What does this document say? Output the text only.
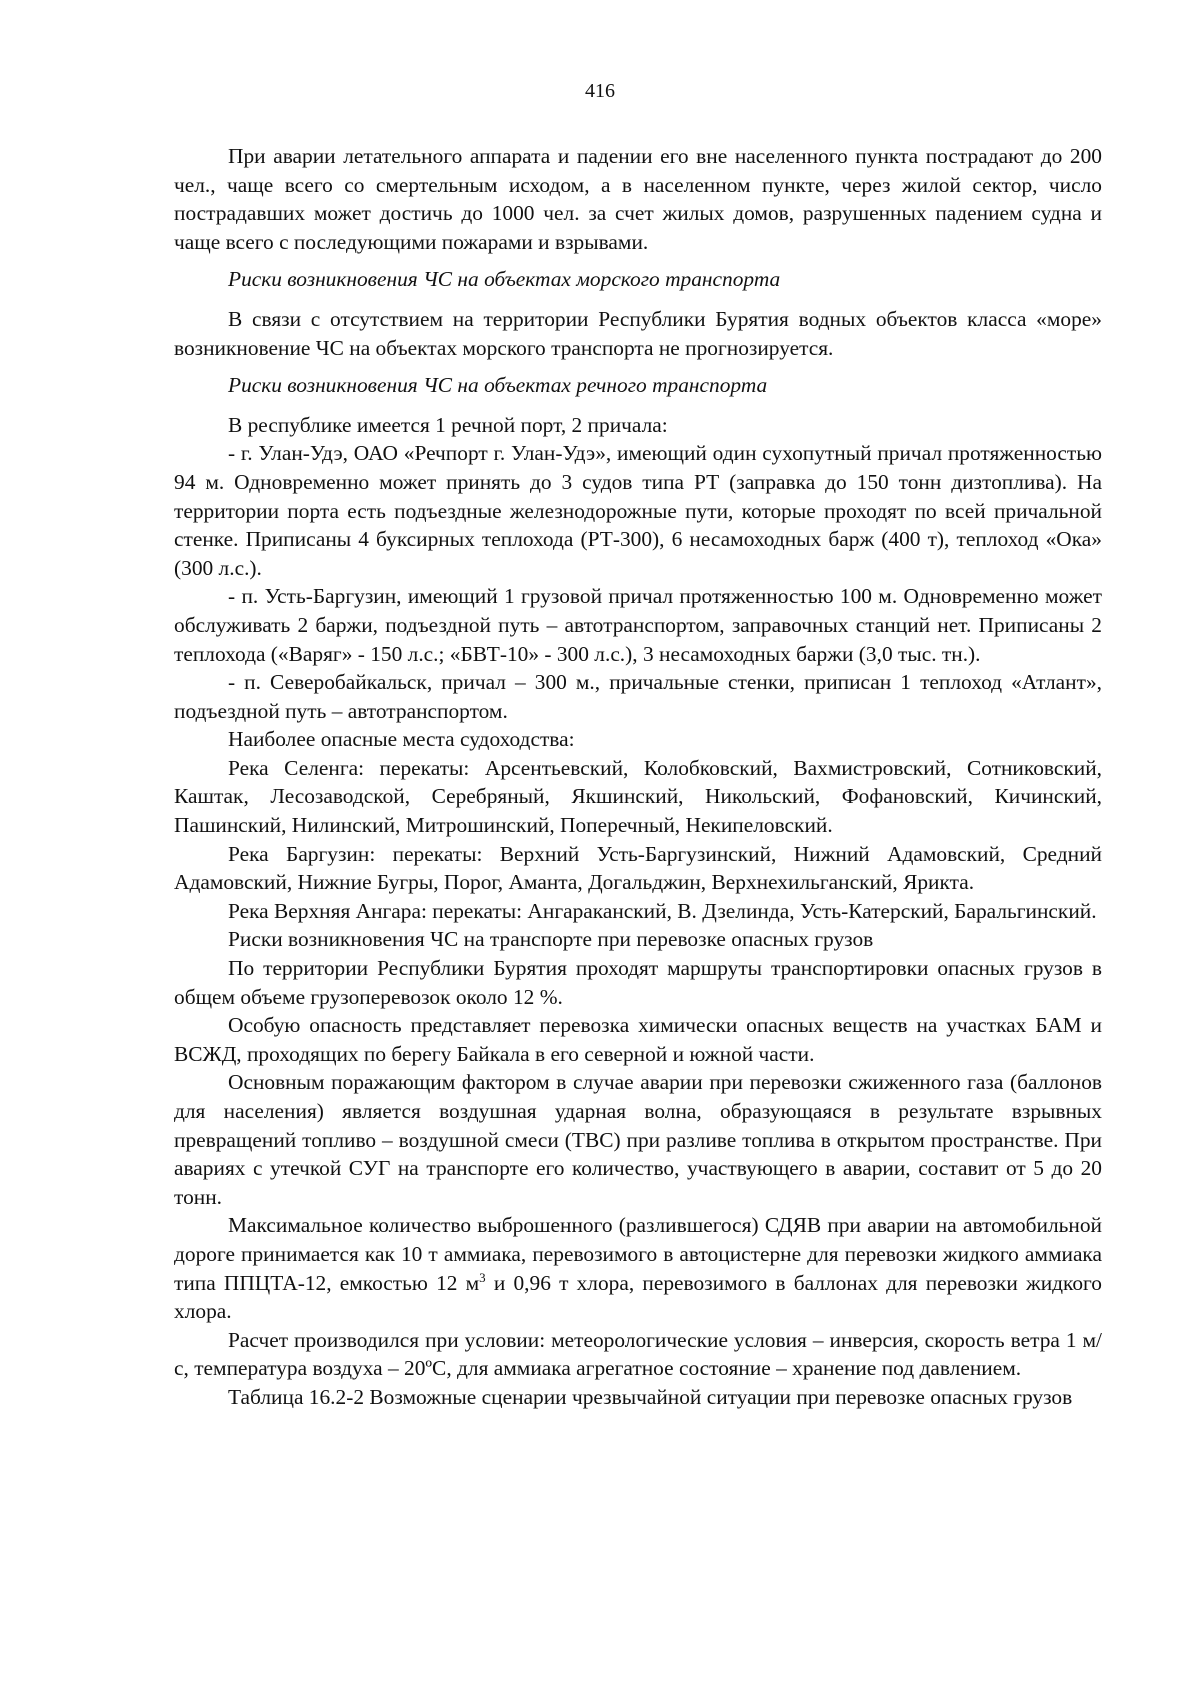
416

При аварии летательного аппарата и падении его вне населенного пункта пострадают до 200 чел., чаще всего со смертельным исходом, а в населенном пункте, через жилой сектор, число пострадавших может достичь до 1000 чел. за счет жилых домов, разрушенных падением судна и чаще всего с последующими пожарами и взрывами.

Риски возникновения ЧС на объектах морского транспорта

В связи с отсутствием на территории Республики Бурятия водных объектов класса «море» возникновение ЧС на объектах морского транспорта не прогнозируется.

Риски возникновения ЧС на объектах речного транспорта

В республике имеется 1 речной порт, 2 причала:

- г. Улан-Удэ, ОАО «Речпорт г. Улан-Удэ», имеющий один сухопутный причал протяженностью 94 м. Одновременно может принять до 3 судов типа РТ (заправка до 150 тонн дизтоплива). На территории порта есть подъездные железнодорожные пути, которые проходят по всей причальной стенке. Приписаны 4 буксирных теплохода (РТ-300), 6 несамоходных барж (400 т), теплоход «Ока» (300 л.с.).

- п. Усть-Баргузин, имеющий 1 грузовой причал протяженностью 100 м. Одновременно может обслуживать 2 баржи, подъездной путь – автотранспортом, заправочных станций нет. Приписаны 2 теплохода («Варяг» - 150 л.с.; «БВТ-10» - 300 л.с.), 3 несамоходных баржи (3,0 тыс. тн.).

- п. Северобайкальск, причал – 300 м., причальные стенки, приписан 1 теплоход «Атлант», подъездной путь – автотранспортом.

Наиболее опасные места судоходства:

Река Селенга: перекаты: Арсентьевский, Колобковский, Вахмистровский, Сотниковский, Каштак, Лесозаводской, Серебряный, Якшинский, Никольский, Фофановский, Кичинский, Пашинский, Нилинский, Митрошинский, Поперечный, Некипеловский.

Река Баргузин: перекаты: Верхний Усть-Баргузинский, Нижний Адамовский, Средний Адамовский, Нижние Бугры, Порог, Аманта, Догальджин, Верхнехильганский, Ярикта.

Река Верхняя Ангара: перекаты: Ангараканский, В. Дзелинда, Усть-Катерский, Баральгинский.

Риски возникновения ЧС на транспорте при перевозке опасных грузов

По территории Республики Бурятия проходят маршруты транспортировки опасных грузов в общем объеме грузоперевозок около 12 %.

Особую опасность представляет перевозка химически опасных веществ на участках БАМ и ВСЖД, проходящих по берегу Байкала в его северной и южной части.

Основным поражающим фактором в случае аварии при перевозки сжиженного газа (баллонов для населения) является воздушная ударная волна, образующаяся в результате взрывных превращений топливо – воздушной смеси (ТВС) при разливе топлива в открытом пространстве. При авариях с утечкой СУГ на транспорте его количество, участвующего в аварии, составит от 5 до 20 тонн.

Максимальное количество выброшенного (разлившегося) СДЯВ при аварии на автомобильной дороге принимается как 10 т аммиака, перевозимого в автоцистерне для перевозки жидкого аммиака типа ППЦТА-12, емкостью 12 $м^3$ и 0,96 т хлора, перевозимого в баллонах для перевозки жидкого хлора.

Расчет производился при условии: метеорологические условия – инверсия, скорость ветра 1 м/с, температура воздуха – 20ºС, для аммиака агрегатное состояние – хранение под давлением.

Таблица 16.2-2 Возможные сценарии чрезвычайной ситуации при перевозке опасных грузов
